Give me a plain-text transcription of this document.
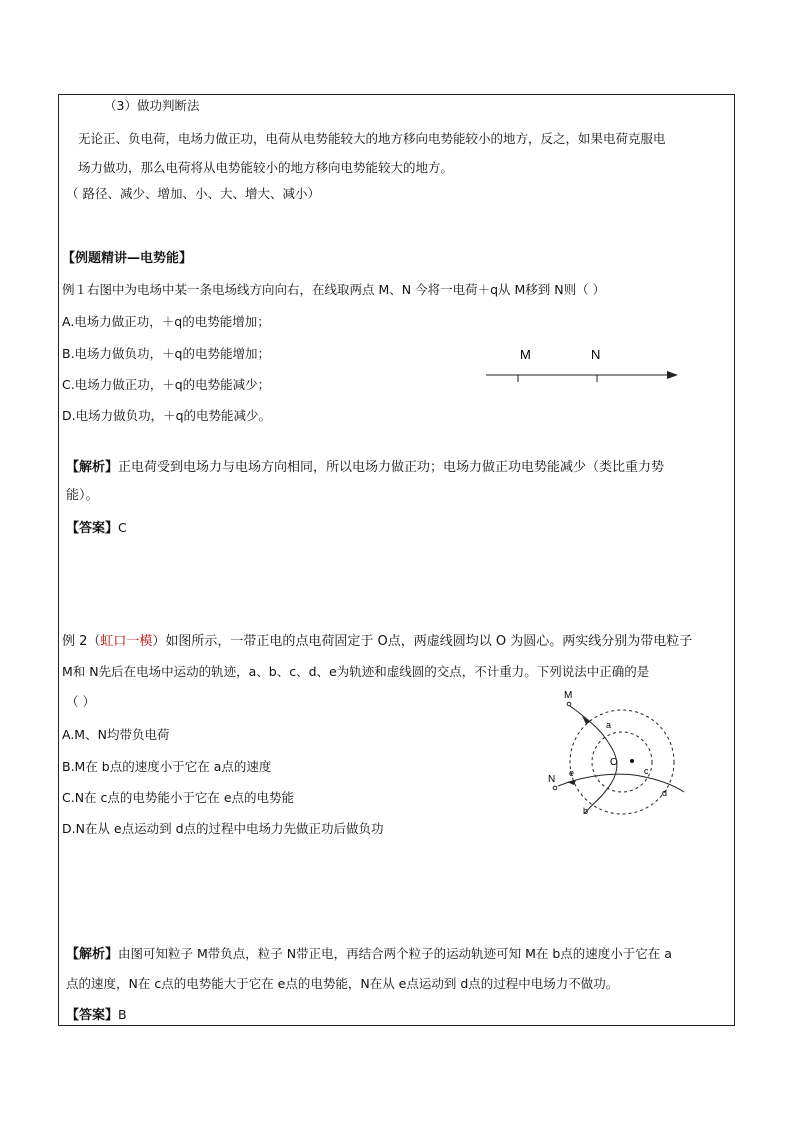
（3）做功判断法
无论正、负电荷，电场力做正功，电荷从电势能较大的地方移向电势能较小的地方，反之，如果电荷克服电
场力做功，那么电荷将从电势能较小的地方移向电势能较大的地方。
（ 路径、减少、增加、小、大、增大、减小）
【例题精讲—电势能】
例１右图中为电场中某一条电场线方向向右，在线取两点 M、N 今将一电荷＋q从 M移到 N则（ ）
A.电场力做正功，＋q的电势能增加；
B.电场力做负功，＋q的电势能增加；
C.电场力做正功，＋q的电势能减少；
D.电场力做负功，＋q的电势能减少。
M	N
【解析】正电荷受到电场力与电场方向相同，所以电场力做正功；电场力做正功电势能减少（类比重力势
能）。
【答案】C
例 2（虹口一模）如图所示，一带正电的点电荷固定于 O点，两虚线圆均以 O 为圆心。两实线分别为带电粒子
M和 N先后在电场中运动的轨迹，a、b、c、d、e为轨迹和虚线圆的交点，不计重力。下列说法中正确的是
（ ）
A.M、N均带负电荷
B.M在 b点的速度小于它在 a点的速度
C.N在 c点的电势能小于它在 e点的电势能
D.N在从 e点运动到 d点的过程中电场力先做正功后做负功
O
M
a
b
N
e	c
d
【解析】由图可知粒子 M带负点，粒子 N带正电，再结合两个粒子的运动轨迹可知 M在 b点的速度小于它在 a
点的速度，N在 c点的电势能大于它在 e点的电势能，N在从 e点运动到 d点的过程中电场力不做功。
【答案】B
